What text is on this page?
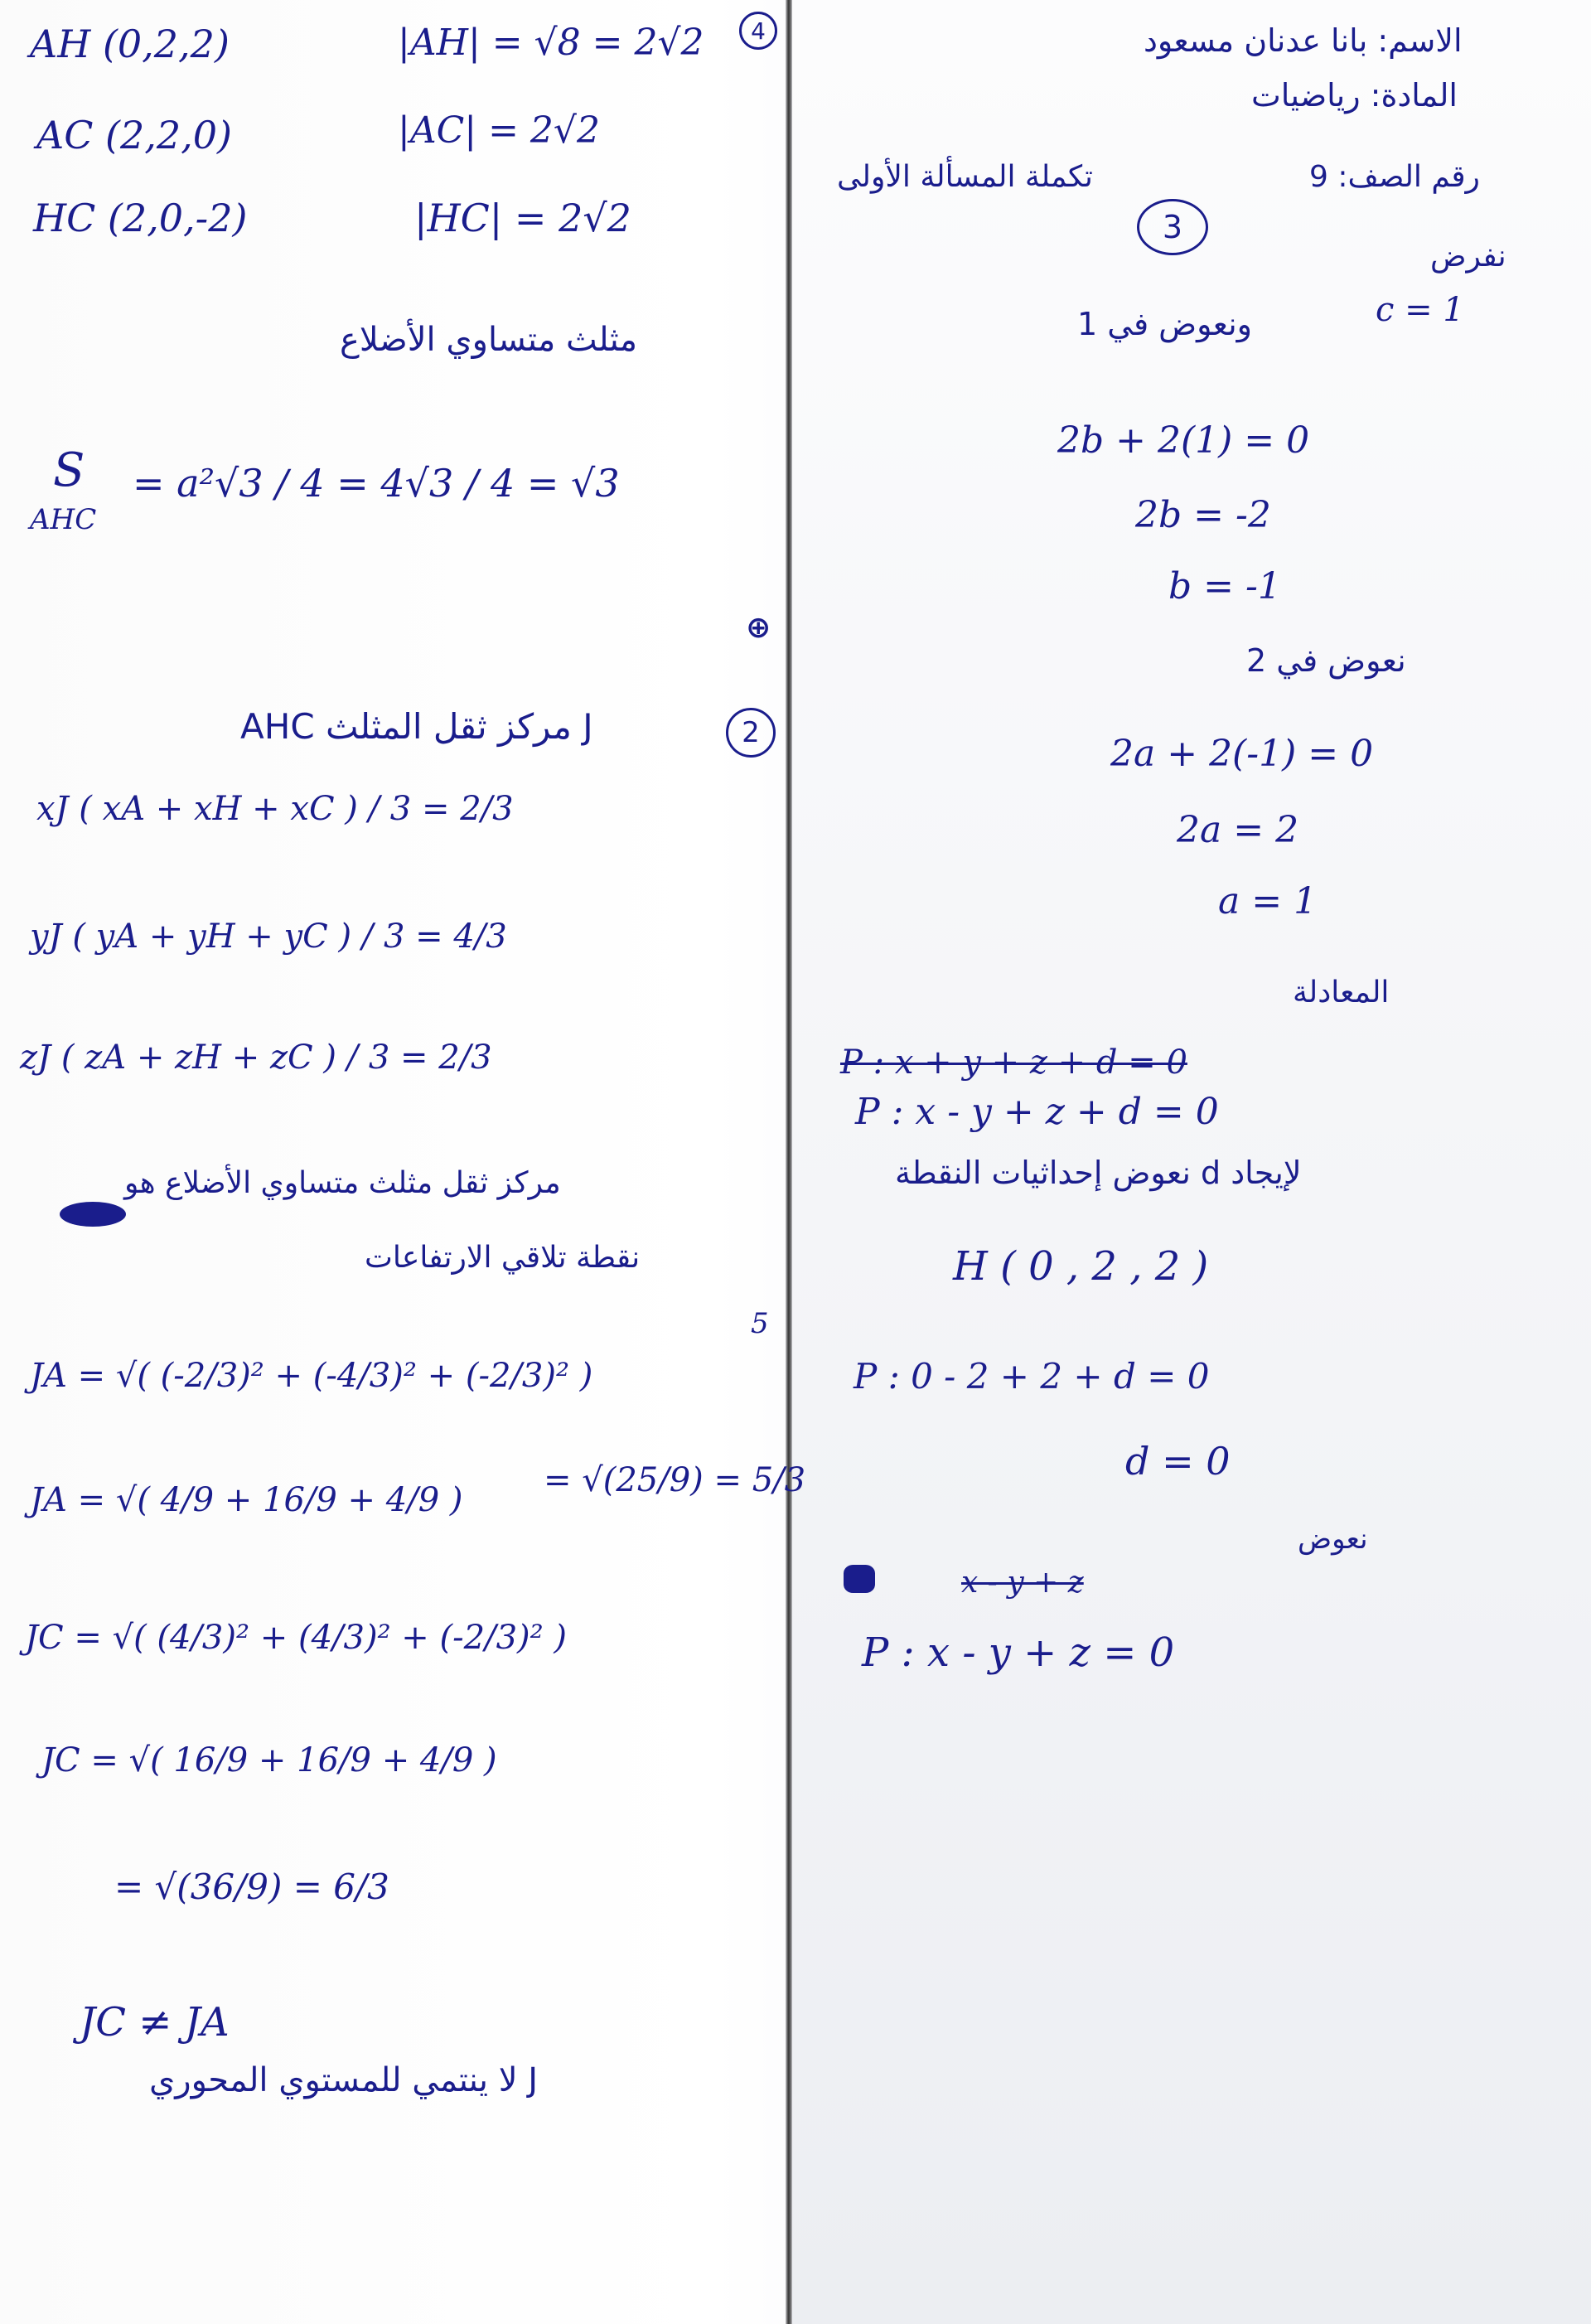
AH (0,2,2)	|AH| = √8 = 2√2	4
AC (2,2,0)	|AC| = 2√2
HC (2,0,-2)	|HC| = 2√2
مثلث متساوي الأضلاع
S
AHC
= a²√3 / 4 = 4√3 / 4 = √3
⊕
2
J مركز ثقل المثلث AHC
xJ ( xA + xH + xC ) / 3 = 2/3
yJ ( yA + yH + yC ) / 3 = 4/3
zJ ( zA + zH + zC ) / 3 = 2/3
مركز ثقل مثلث متساوي الأضلاع هو
نقطة تلاقي الارتفاعات
5
JA = √( (-2/3)² + (-4/3)² + (-2/3)² )
JA = √( 4/9 + 16/9 + 4/9 )
= √(25/9) = 5/3
JC = √( (4/3)² + (4/3)² + (-2/3)² )
JC = √( 16/9 + 16/9 + 4/9 )
= √(36/9) = 6/3
JC ≠ JA
J لا ينتمي للمستوي المحوري
الاسم: بانا عدنان مسعود
المادة: رياضيات
رقم الصف: 9
تكملة المسألة الأولى
3
نفرض
c = 1
ونعوض في 1
2b + 2(1) = 0
2b = -2
b = -1
نعوض في 2
2a + 2(-1) = 0
2a = 2
a = 1
المعادلة
P : x + y + z + d = 0
P : x - y + z + d = 0
لإيجاد d نعوض إحداثيات النقطة
H ( 0 , 2 , 2 )
P : 0 - 2 + 2 + d = 0
d = 0
نعوض
x - y + z
P : x - y + z = 0
